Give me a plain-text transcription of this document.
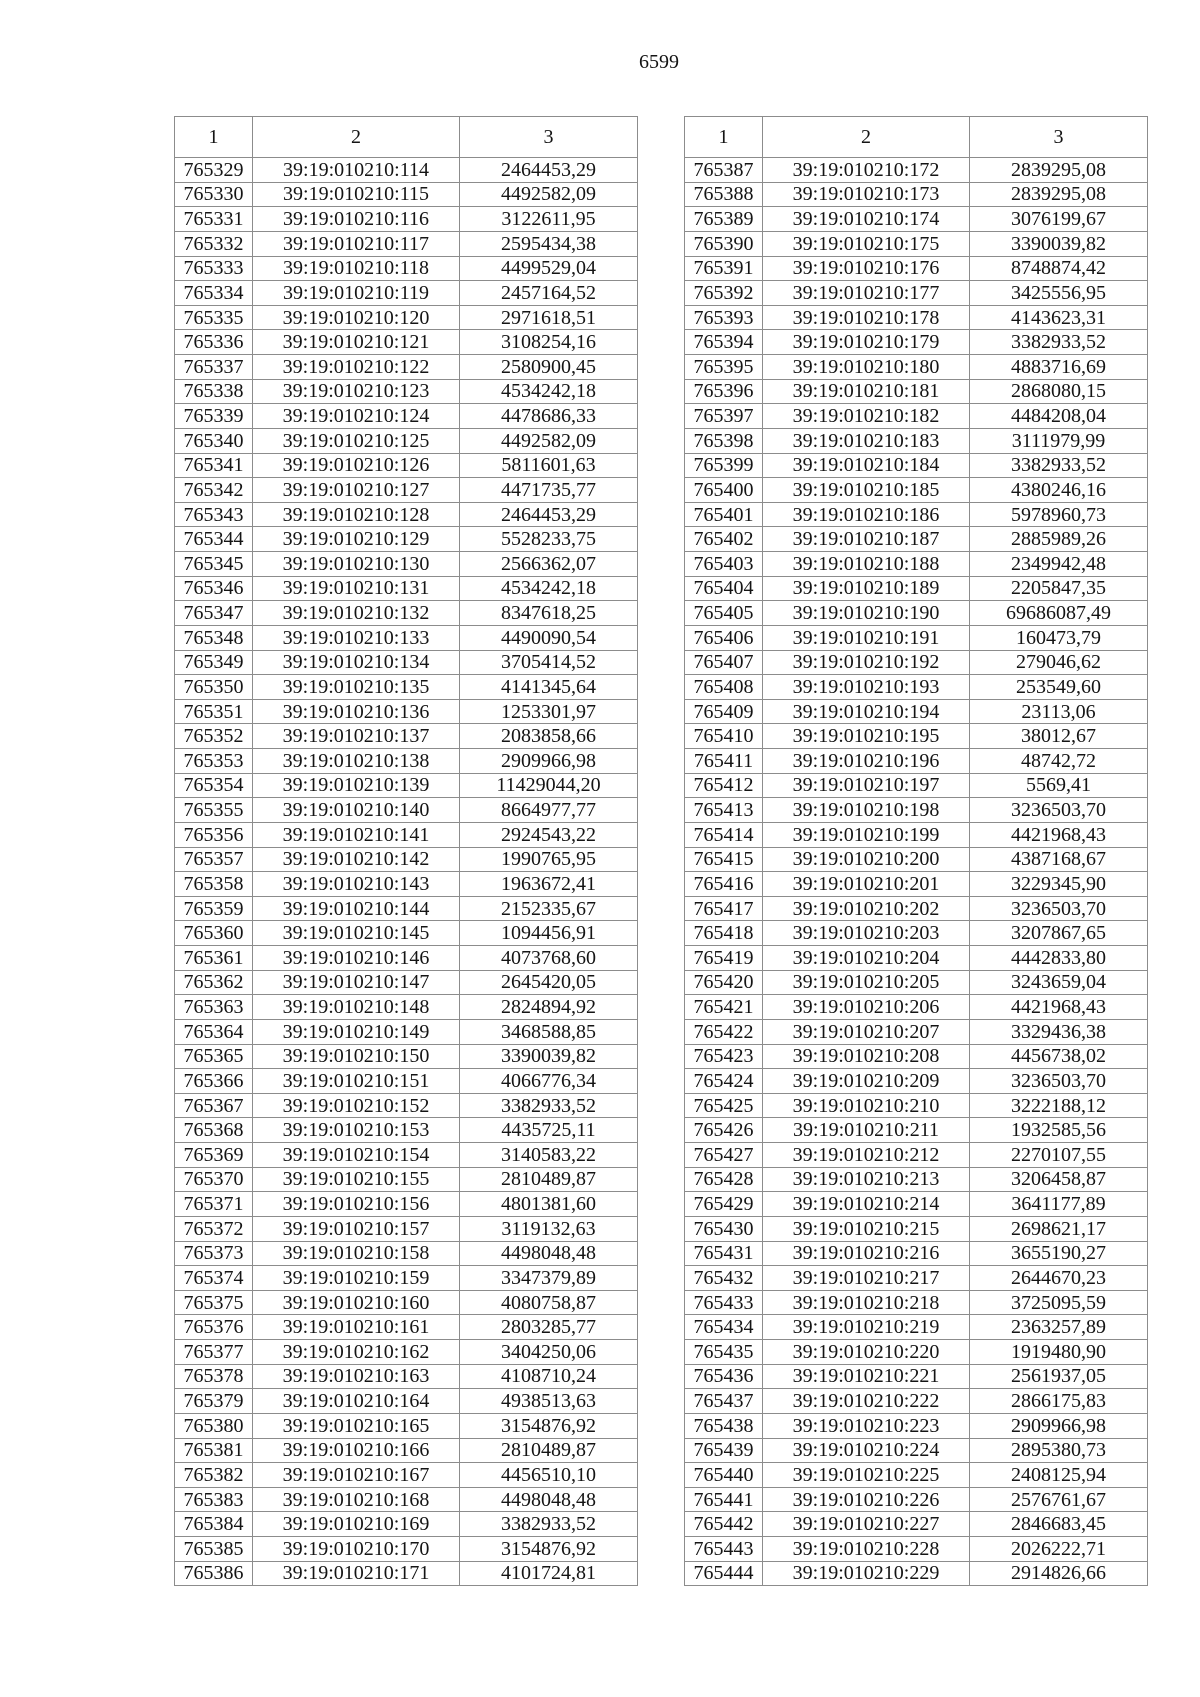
6599
1	2	3
765329	39:19:010210:114	2464453,29
765330	39:19:010210:115	4492582,09
765331	39:19:010210:116	3122611,95
765332	39:19:010210:117	2595434,38
765333	39:19:010210:118	4499529,04
765334	39:19:010210:119	2457164,52
765335	39:19:010210:120	2971618,51
765336	39:19:010210:121	3108254,16
765337	39:19:010210:122	2580900,45
765338	39:19:010210:123	4534242,18
765339	39:19:010210:124	4478686,33
765340	39:19:010210:125	4492582,09
765341	39:19:010210:126	5811601,63
765342	39:19:010210:127	4471735,77
765343	39:19:010210:128	2464453,29
765344	39:19:010210:129	5528233,75
765345	39:19:010210:130	2566362,07
765346	39:19:010210:131	4534242,18
765347	39:19:010210:132	8347618,25
765348	39:19:010210:133	4490090,54
765349	39:19:010210:134	3705414,52
765350	39:19:010210:135	4141345,64
765351	39:19:010210:136	1253301,97
765352	39:19:010210:137	2083858,66
765353	39:19:010210:138	2909966,98
765354	39:19:010210:139	11429044,20
765355	39:19:010210:140	8664977,77
765356	39:19:010210:141	2924543,22
765357	39:19:010210:142	1990765,95
765358	39:19:010210:143	1963672,41
765359	39:19:010210:144	2152335,67
765360	39:19:010210:145	1094456,91
765361	39:19:010210:146	4073768,60
765362	39:19:010210:147	2645420,05
765363	39:19:010210:148	2824894,92
765364	39:19:010210:149	3468588,85
765365	39:19:010210:150	3390039,82
765366	39:19:010210:151	4066776,34
765367	39:19:010210:152	3382933,52
765368	39:19:010210:153	4435725,11
765369	39:19:010210:154	3140583,22
765370	39:19:010210:155	2810489,87
765371	39:19:010210:156	4801381,60
765372	39:19:010210:157	3119132,63
765373	39:19:010210:158	4498048,48
765374	39:19:010210:159	3347379,89
765375	39:19:010210:160	4080758,87
765376	39:19:010210:161	2803285,77
765377	39:19:010210:162	3404250,06
765378	39:19:010210:163	4108710,24
765379	39:19:010210:164	4938513,63
765380	39:19:010210:165	3154876,92
765381	39:19:010210:166	2810489,87
765382	39:19:010210:167	4456510,10
765383	39:19:010210:168	4498048,48
765384	39:19:010210:169	3382933,52
765385	39:19:010210:170	3154876,92
765386	39:19:010210:171	4101724,81
1	2	3
765387	39:19:010210:172	2839295,08
765388	39:19:010210:173	2839295,08
765389	39:19:010210:174	3076199,67
765390	39:19:010210:175	3390039,82
765391	39:19:010210:176	8748874,42
765392	39:19:010210:177	3425556,95
765393	39:19:010210:178	4143623,31
765394	39:19:010210:179	3382933,52
765395	39:19:010210:180	4883716,69
765396	39:19:010210:181	2868080,15
765397	39:19:010210:182	4484208,04
765398	39:19:010210:183	3111979,99
765399	39:19:010210:184	3382933,52
765400	39:19:010210:185	4380246,16
765401	39:19:010210:186	5978960,73
765402	39:19:010210:187	2885989,26
765403	39:19:010210:188	2349942,48
765404	39:19:010210:189	2205847,35
765405	39:19:010210:190	69686087,49
765406	39:19:010210:191	160473,79
765407	39:19:010210:192	279046,62
765408	39:19:010210:193	253549,60
765409	39:19:010210:194	23113,06
765410	39:19:010210:195	38012,67
765411	39:19:010210:196	48742,72
765412	39:19:010210:197	5569,41
765413	39:19:010210:198	3236503,70
765414	39:19:010210:199	4421968,43
765415	39:19:010210:200	4387168,67
765416	39:19:010210:201	3229345,90
765417	39:19:010210:202	3236503,70
765418	39:19:010210:203	3207867,65
765419	39:19:010210:204	4442833,80
765420	39:19:010210:205	3243659,04
765421	39:19:010210:206	4421968,43
765422	39:19:010210:207	3329436,38
765423	39:19:010210:208	4456738,02
765424	39:19:010210:209	3236503,70
765425	39:19:010210:210	3222188,12
765426	39:19:010210:211	1932585,56
765427	39:19:010210:212	2270107,55
765428	39:19:010210:213	3206458,87
765429	39:19:010210:214	3641177,89
765430	39:19:010210:215	2698621,17
765431	39:19:010210:216	3655190,27
765432	39:19:010210:217	2644670,23
765433	39:19:010210:218	3725095,59
765434	39:19:010210:219	2363257,89
765435	39:19:010210:220	1919480,90
765436	39:19:010210:221	2561937,05
765437	39:19:010210:222	2866175,83
765438	39:19:010210:223	2909966,98
765439	39:19:010210:224	2895380,73
765440	39:19:010210:225	2408125,94
765441	39:19:010210:226	2576761,67
765442	39:19:010210:227	2846683,45
765443	39:19:010210:228	2026222,71
765444	39:19:010210:229	2914826,66
